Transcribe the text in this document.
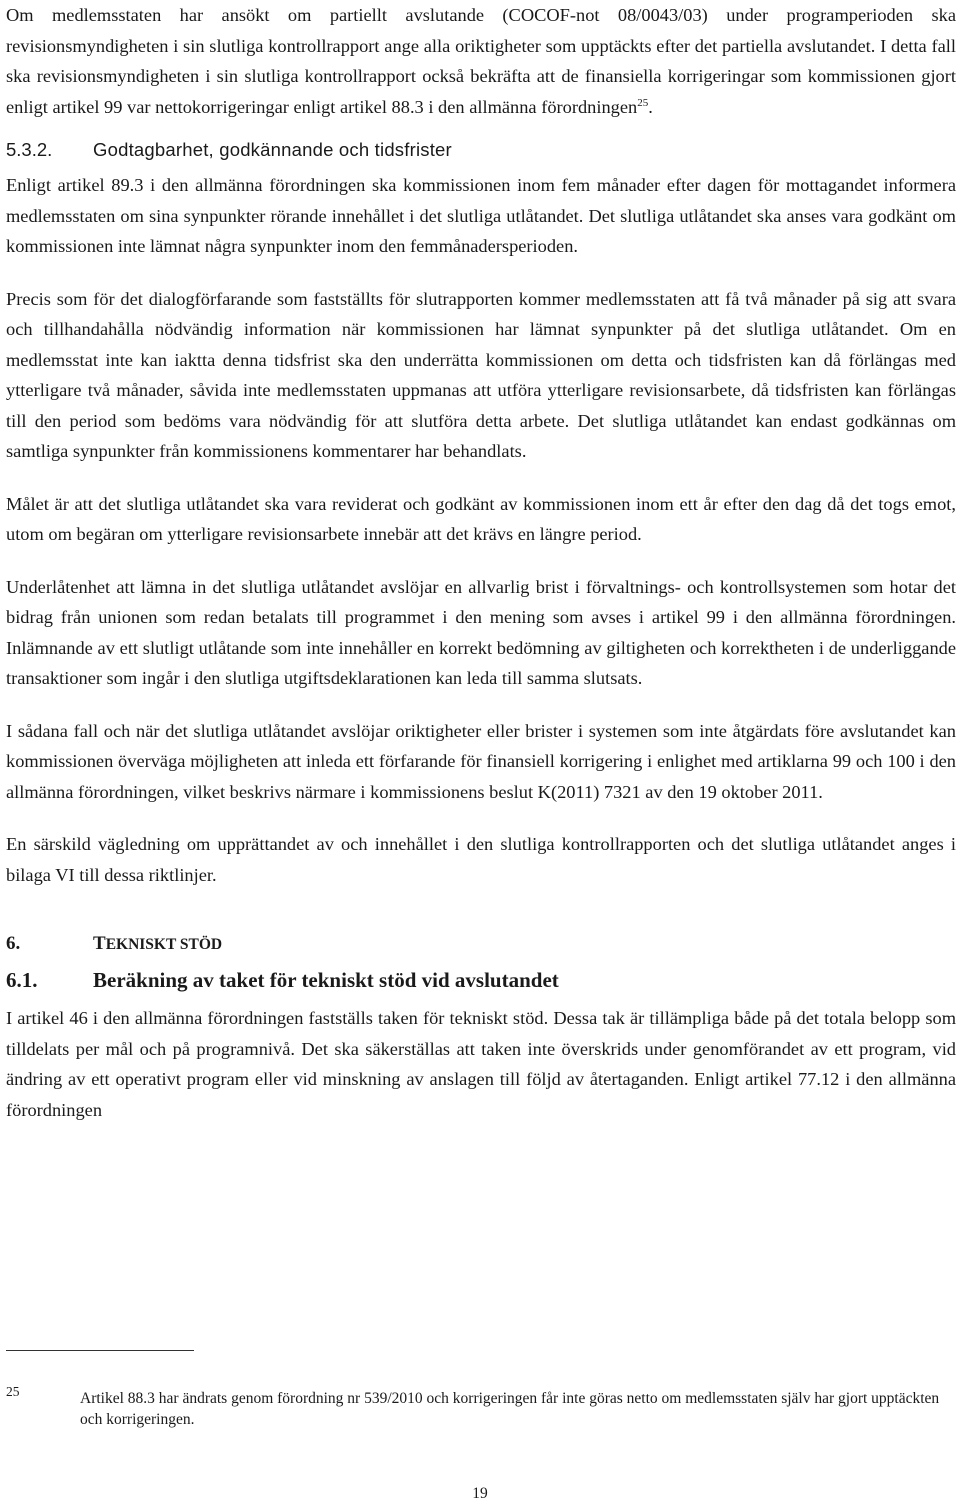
Om medlemsstaten har ansökt om partiellt avslutande (COCOF-not 08/0043/03) under programperioden ska revisionsmyndigheten i sin slutliga kontrollrapport ange alla oriktigheter som upptäckts efter det partiella avslutandet. I detta fall ska revisionsmyndigheten i sin slutliga kontrollrapport också bekräfta att de finansiella korrigeringar som kommissionen gjort enligt artikel 99 var nettokorrigeringar enligt artikel 88.3 i den allmänna förordningen$^{25}$.

5.3.2.	Godtagbarhet, godkännande och tidsfrister

Enligt artikel 89.3 i den allmänna förordningen ska kommissionen inom fem månader efter dagen för mottagandet informera medlemsstaten om sina synpunkter rörande innehållet i det slutliga utlåtandet. Det slutliga utlåtandet ska anses vara godkänt om kommissionen inte lämnat några synpunkter inom den femmånadersperioden.

Precis som för det dialogförfarande som fastställts för slutrapporten kommer medlemsstaten att få två månader på sig att svara och tillhandahålla nödvändig information när kommissionen har lämnat synpunkter på det slutliga utlåtandet. Om en medlemsstat inte kan iaktta denna tidsfrist ska den underrätta kommissionen om detta och tidsfristen kan då förlängas med ytterligare två månader, såvida inte medlemsstaten uppmanas att utföra ytterligare revisionsarbete, då tidsfristen kan förlängas till den period som bedöms vara nödvändig för att slutföra detta arbete. Det slutliga utlåtandet kan endast godkännas om samtliga synpunkter från kommissionens kommentarer har behandlats.

Målet är att det slutliga utlåtandet ska vara reviderat och godkänt av kommissionen inom ett år efter den dag då det togs emot, utom om begäran om ytterligare revisionsarbete innebär att det krävs en längre period.

Underlåtenhet att lämna in det slutliga utlåtandet avslöjar en allvarlig brist i förvaltnings- och kontrollsystemen som hotar det bidrag från unionen som redan betalats till programmet i den mening som avses i artikel 99 i den allmänna förordningen. Inlämnande av ett slutligt utlåtande som inte innehåller en korrekt bedömning av giltigheten och korrektheten i de underliggande transaktioner som ingår i den slutliga utgiftsdeklarationen kan leda till samma slutsats.

I sådana fall och när det slutliga utlåtandet avslöjar oriktigheter eller brister i systemen som inte åtgärdats före avslutandet kan kommissionen överväga möjligheten att inleda ett förfarande för finansiell korrigering i enlighet med artiklarna 99 och 100 i den allmänna förordningen, vilket beskrivs närmare i kommissionens beslut K(2011) 7321 av den 19 oktober 2011.

En särskild vägledning om upprättandet av och innehållet i den slutliga kontrollrapporten och det slutliga utlåtandet anges i bilaga VI till dessa riktlinjer.

6.	TEKNISKT STÖD
6.1.	Beräkning av taket för tekniskt stöd vid avslutandet

I artikel 46 i den allmänna förordningen fastställs taken för tekniskt stöd. Dessa tak är tillämpliga både på det totala belopp som tilldelats per mål och på programnivå. Det ska säkerställas att taken inte överskrids under genomförandet av ett program, vid ändring av ett operativt program eller vid minskning av anslagen till följd av återtaganden. Enligt artikel 77.12 i den allmänna förordningen

25	Artikel 88.3 har ändrats genom förordning nr 539/2010 och korrigeringen får inte göras netto om medlemsstaten själv har gjort upptäckten och korrigeringen.
19
